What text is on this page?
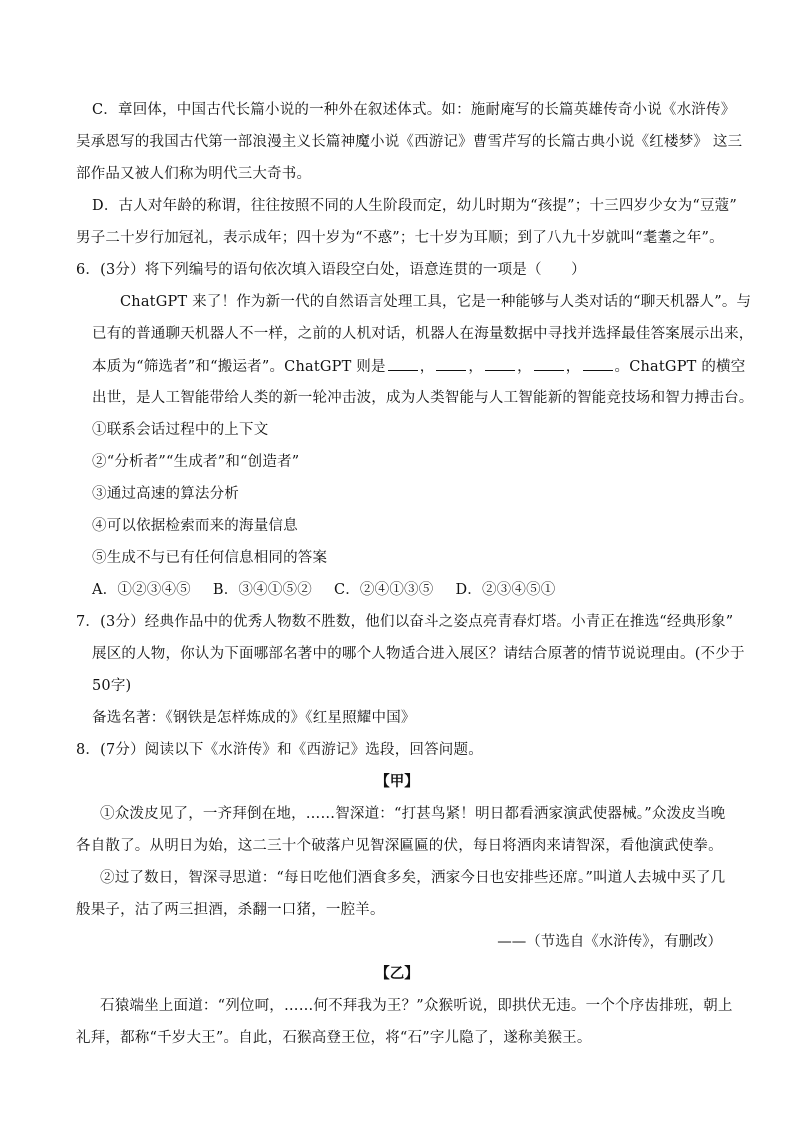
C．章回体，中国古代长篇小说的一种外在叙述体式。如：施耐庵写的长篇英雄传奇小说《水浒传》
吴承恩写的我国古代第一部浪漫主义长篇神魔小说《西游记》曹雪芹写的长篇古典小说《红楼梦》 这三
部作品又被人们称为明代三大奇书。
D．古人对年龄的称谓，往往按照不同的人生阶段而定，幼儿时期为“孩提”；十三四岁少女为“豆蔻”
男子二十岁行加冠礼，表示成年；四十岁为“不惑”；七十岁为耳顺；到了八九十岁就叫“耄耋之年”。
6．(3分）将下列编号的语句依次填入语段空白处，语意连贯的一项是（　　）
ChatGPT 来了！作为新一代的自然语言处理工具，它是一种能够与人类对话的“聊天机器人”。与
已有的普通聊天机器人不一样，之前的人机对话，机器人在海量数据中寻找并选择最佳答案展示出来，
本质为“筛选者”和“搬运者”。ChatGPT 则是 ， ， ， ， 。ChatGPT 的横空
出世，是人工智能带给人类的新一轮冲击波，成为人类智能与人工智能新的智能竞技场和智力搏击台。
①联系会话过程中的上下文
②“分析者”“生成者”和“创造者”
③通过高速的算法分析
④可以依据检索而来的海量信息
⑤生成不与已有任何信息相同的答案
A．①②③④⑤ B．③④①⑤② C．②④①③⑤ D．②③④⑤①
7．(3分）经典作品中的优秀人物数不胜数，他们以奋斗之姿点亮青春灯塔。小青正在推选“经典形象”
展区的人物，你认为下面哪部名著中的哪个人物适合进入展区？请结合原著的情节说说理由。(不少于
50字)
备选名著：《钢铁是怎样炼成的》《红星照耀中国》
8．(7分）阅读以下《水浒传》和《西游记》选段，回答问题。
【甲】
①众泼皮见了，一齐拜倒在地，……智深道：“打甚鸟紧！明日都看洒家演武使器械。”众泼皮当晚
各自散了。从明日为始，这二三十个破落户见智深匾匾的伏，每日将酒肉来请智深，看他演武使拳。
②过了数日，智深寻思道：“每日吃他们酒食多矣，洒家今日也安排些还席。”叫道人去城中买了几
般果子，沽了两三担酒，杀翻一口猪，一腔羊。
——（节选自《水浒传》，有删改）
【乙】
石猿端坐上面道：“列位呵，……何不拜我为王？”众猴听说，即拱伏无违。一个个序齿排班，朝上
礼拜，都称“千岁大王”。自此，石猴高登王位，将“石”字儿隐了，遂称美猴王。
